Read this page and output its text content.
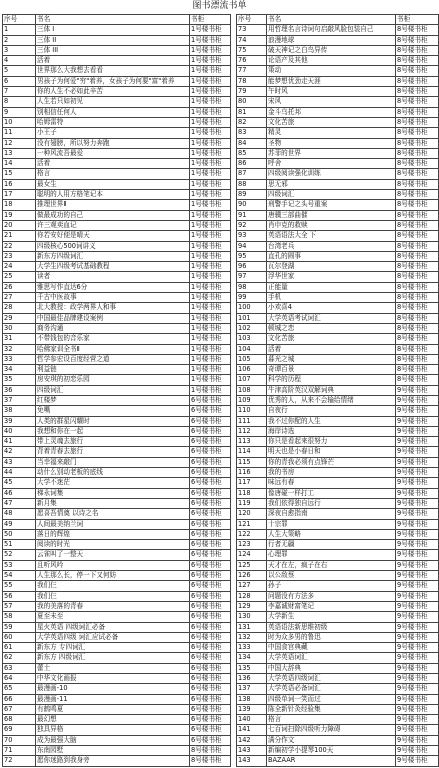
图书漂流书单
序号	书名	书柜
1	三体 I	1号楼书柜
2	三体 II	1号楼书柜
3	三体 III	1号楼书柜
4	活着	1号楼书柜
5	世界那么大我想去看看	1号楼书柜
6	男孩子为何爱"穷"着养，女孩子为何要"富"着养	1号楼书柜
7	你的人生不必如此辛苦	1号楼书柜
8	人生若只如初见	1号楼书柜
9	别相信任何人	1号楼书柜
10	哈姆雷特	1号楼书柜
11	小王子	1号楼书柜
12	没有翅膀，所以努力奔跑	1号楼书柜
13	一种风流吾最爱	1号楼书柜
14	活着	1号楼书柜
15	格言	1号楼书柜
16	最女生	1号楼书柜
17	聪明的人用方格笔记本	1号楼书柜
18	推理世界Ⅱ	1号楼书柜
19	做最成功的自己	1号楼书柜
20	许三观卖血记	1号楼书柜
21	你若安好便是晴天	1号楼书柜
22	四级核心500词讲义	1号楼书柜
23	新东方四级词汇	1号楼书柜
24	大学生四级考试基础教程	1号楼书柜
25	读者	1号楼书柜
26	雅思写作直达6分	1号楼书柜
27	千古中医故事	1号楼书柜
28	北大教授：政学两界人和事	1号楼书柜
29	中国最佳品牌建设案例	1号楼书柜
30	商务沟通	1号楼书柜
31	不带钱包的音乐家	1号楼书柜
32	哈佛家训全书Ⅱ	1号楼书柜
33	哲学参宏设百度经营之道	1号楼书柜
34	利益链	1号楼书柜
35	房安琪的初恋乐园	1号楼书柜
36	四级词汇	1号楼书柜
37	红楼梦	6号楼书柜
38	免嘴	6号楼书柜
39	人类的群星闪耀时	6号楼书柜
40	我想和你在一起	6号楼书柜
41	带上灵魂去旅行	6号楼书柜
42	背着青春去旅行	6号楼书柜
43	当幸福来敲门	6号楼书柜
44	动什么别动老板的底线	6号楼书柜
45	大学不迷茫	6号楼书柜
46	梯永词集	6号楼书柜
47	新月集	6号楼书柜
48	愿喜吾情奠 以诗之名	6号楼书柜
49	人间最美纳兰词	6号楼书柜
50	落日的辉煌	6号楼书柜
51	阅读的时光	6号楼书柜
52	云雀叫了一整天	6号楼书柜
53	且听风吟	6号楼书柜
54	人生那么长，停一下又何妨	6号楼书柜
55	我们仨	6号楼书柜
56	我们仨	6号楼书柜
57	我的美落的青春	6号楼书柜
58	夏至未至	6号楼书柜
59	星火英语 四级词汇必备	6号楼书柜
60	大学英语四级 词汇应试必备	6号楼书柜
61	新东方 专四词汇	6号楼书柜
62	新东方 四级词汇	6号楼书柜
63	蕾土	6号楼书柜
64	中华文化画报	6号楼书柜
65	最漫画-10	6号楼书柜
66	最漫画-11	6号楼书柜
67	有鹤鸣夏	6号楼书柜
68	最幻想	6号楼书柜
69	独具异格	6号楼书柜
70	成为最强大脑	6号楼书柜
71	东南园墅	8号楼书柜
72	愿你迷路到我身旁	8号楼书柜
序号	书名	书柜
73	用哲理名言诗词句启敲风脸包装自己	8号楼书柜
74	浪漫地球	8号楼书柜
75	破天神记之白鸟异传	8号楼书柜
76	论语产及其他	8号楼书柜
77	策动	8号楼书柜
78	能梦想优劲走天涯	8号楼书柜
79	午时风	8号楼书柜
80	宋风	8号楼书柜
81	金斗乌托邦	8号楼书柜
82	文化苦旅	8号楼书柜
83	精灵	8号楼书柜
84	圣物	8号楼书柜
85	苏菲的世界	8号楼书柜
86	呼舍	8号楼书柜
87	四级阅读强化训练	8号楼书柜
88	思无邪	8号楼书柜
89	四级词汇	8号楼书柜
90	刑警手记之头号重案	8号楼书柜
91	唐骥三部曲催	8号楼书柜
92	肖申克的救赎	8号楼书柜
93	英语语法大全 下	8号楼书柜
94	台湾老兵	8号楼书柜
95	直孔的圆事	8号楼书柜
96	瓦尔登湖	8号楼书柜
97	浮华世家	8号楼书柜
98	正能量	8号楼书柜
99	手机	8号楼书柜
100	小欢喜4	8号楼书柜
101	大学英语考试词汇	8号楼书柜
102	顿城之恋	8号楼书柜
103	文化苦旅	8号楼书柜
104	活着	8号楼书柜
105	暮光之城	8号楼书柜
106	奇谭百景	8号楼书柜
107	科学的历程	8号楼书柜
108	牛津高阶英汉双解词典	9号楼书柜
109	优秀的人，从来不会输给情绪	9号楼书柜
110	自夜行	9号楼书柜
111	我不过你配的人生	9号楼书柜
112	海岸诗选	9号楼书柜
113	你只是看起来很努力	9号楼书柜
114	明天也是小春日和	9号楼书柜
115	你的青我必须有点锋芒	9号楼书柜
116	我的书房	9号楼书柜
117	味远有春	9号楼书柜
118	像唐碰一样打工	9号楼书柜
119	我们依得独自远行	9号楼书柜
120	深夜自愈指南	9号楼书柜
121	十宗罪	9号楼书柜
122	人生大策略	9号楼书柜
123	行者无疆	9号楼书柜
124	心理罪	9号楼书柜
125	天才在左，疯子在右	9号楼书柜
126	以公敌蔡	9号楼书柜
127	孙子	9号楼书柜
128	问题没有方法多	9号楼书柜
129	李嘉诚财富笔记	9号楼书柜
130	大学新生	9号楼书柜
131	英语语法新思维初级	9号楼书柜
132	时为众多男的鲁迅	9号楼书柜
133	中国食宫典藏	9号楼书柜
134	大学英语词汇	9号楼书柜
135	中国大辞典	9号楼书柜
136	大学英语四级词汇	9号楼书柜
137	大学英语必备词汇	9号楼书柜
138	四级单词一笑而过	9号楼书柜
139	陈全新针灸经验集	9号楼书柜
140	格言	9号楼书柜
141	七百词扫除四级听力障碍	9号楼书柜
142	满分作文	9号楼书柜
143	新编初学小提琴100天	9号楼书柜
143	BAZAAR	9号楼书柜
